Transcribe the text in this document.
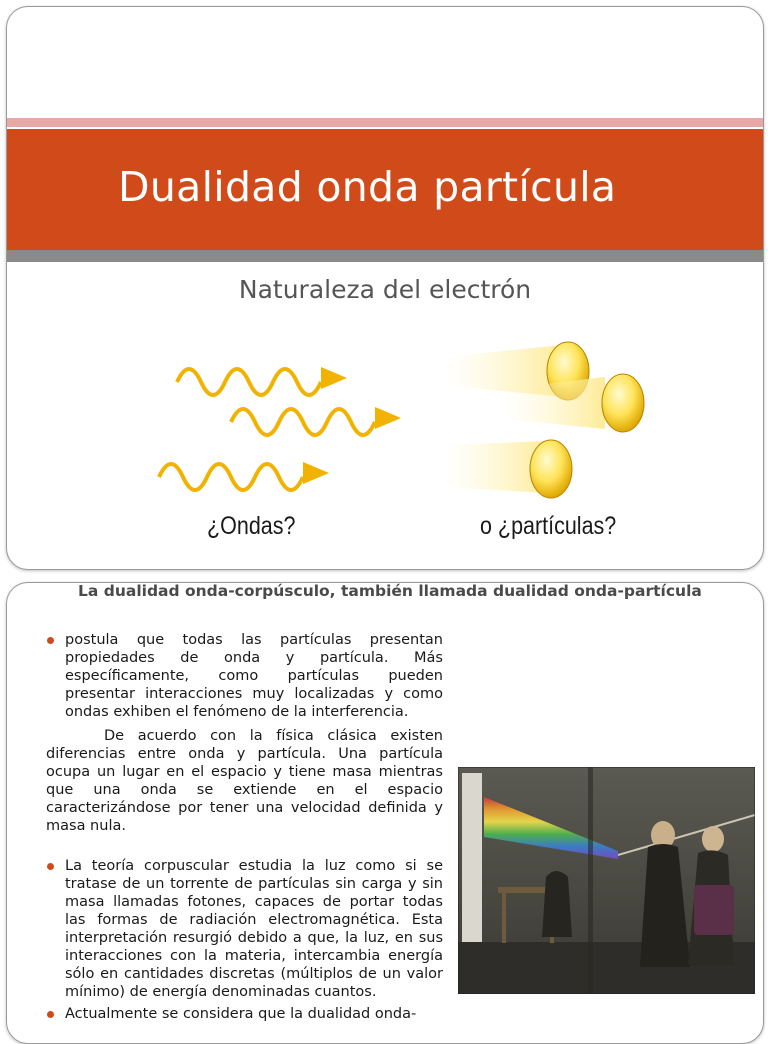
Dualidad onda partícula
Naturaleza del electrón
¿Ondas?	o ¿partículas?
La dualidad onda-corpúsculo, también llamada dualidad onda-partícula
postula que todas las partículas presentan propiedades de onda y partícula. Más específicamente, como partículas pueden presentar interacciones muy localizadas y como ondas exhiben el fenómeno de la interferencia.
De acuerdo con la física clásica existen diferencias entre onda y partícula. Una partícula ocupa un lugar en el espacio y tiene masa mientras que una onda se extiende en el espacio caracterizándose por tener una velocidad definida y masa nula.
La teoría corpuscular estudia la luz como si se tratase de un torrente de partículas sin carga y sin masa llamadas fotones, capaces de portar todas las formas de radiación electromagnética. Esta interpretación resurgió debido a que, la luz, en sus interacciones con la materia, intercambia energía sólo en cantidades discretas (múltiplos de un valor mínimo) de energía denominadas cuantos.
Actualmente se considera que la dualidad onda-
